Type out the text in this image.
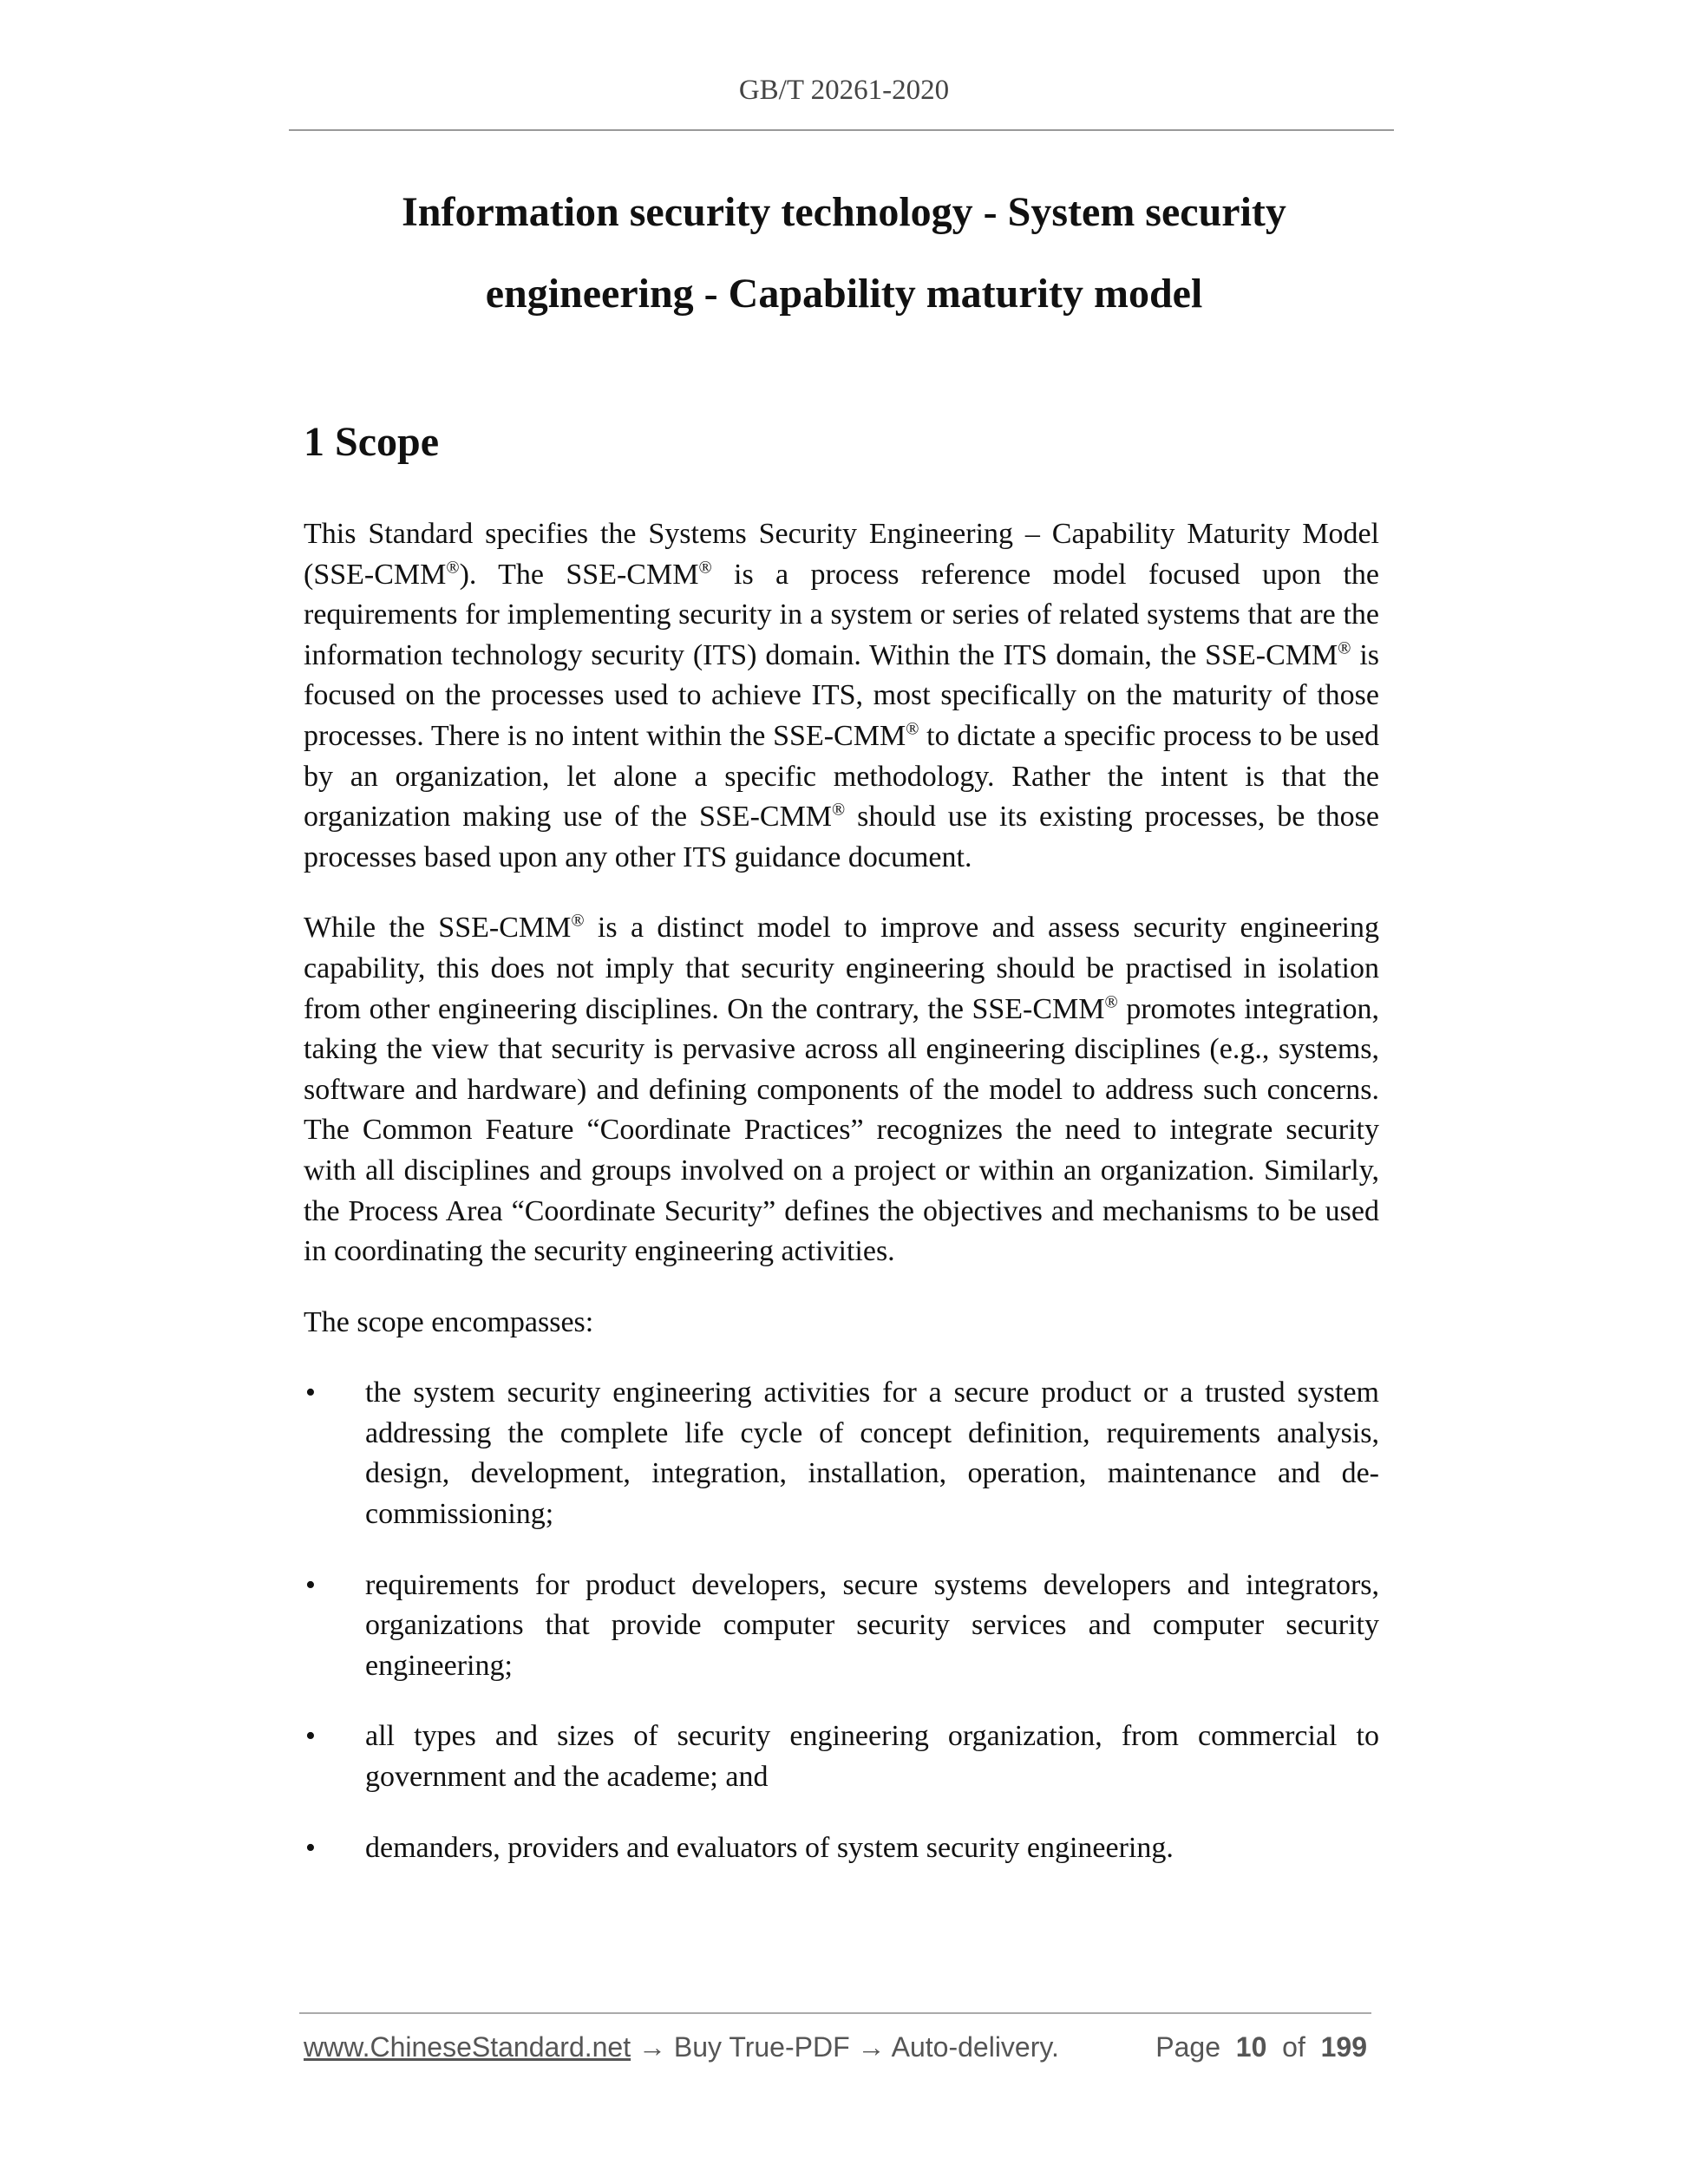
GB/T 20261-2020
Information security technology - System security
engineering - Capability maturity model
1 Scope

This Standard specifies the Systems Security Engineering – Capability Maturity Model (SSE-CMM®). The SSE-CMM® is a process reference model focused upon the requirements for implementing security in a system or series of related systems that are the information technology security (ITS) domain. Within the ITS domain, the SSE-CMM® is focused on the processes used to achieve ITS, most specifically on the maturity of those processes. There is no intent within the SSE-CMM® to dictate a specific process to be used by an organization, let alone a specific methodology. Rather the intent is that the organization making use of the SSE-CMM® should use its existing processes, be those processes based upon any other ITS guidance document.

While the SSE-CMM® is a distinct model to improve and assess security engineering capability, this does not imply that security engineering should be practised in isolation from other engineering disciplines. On the contrary, the SSE-CMM® promotes integration, taking the view that security is pervasive across all engineering disciplines (e.g., systems, software and hardware) and defining components of the model to address such concerns. The Common Feature “Coordinate Practices” recognizes the need to integrate security with all disciplines and groups involved on a project or within an organization. Similarly, the Process Area “Coordinate Security” defines the objectives and mechanisms to be used in coordinating the security engineering activities.

The scope encompasses:

• the system security engineering activities for a secure product or a trusted system addressing the complete life cycle of concept definition, requirements analysis, design, development, integration, installation, operation, maintenance and de-commissioning;
• requirements for product developers, secure systems developers and integrators, organizations that provide computer security services and computer security engineering;
• all types and sizes of security engineering organization, from commercial to government and the academe; and
• demanders, providers and evaluators of system security engineering.
www.ChineseStandard.net → Buy True-PDF → Auto-delivery.	Page 10 of 199
